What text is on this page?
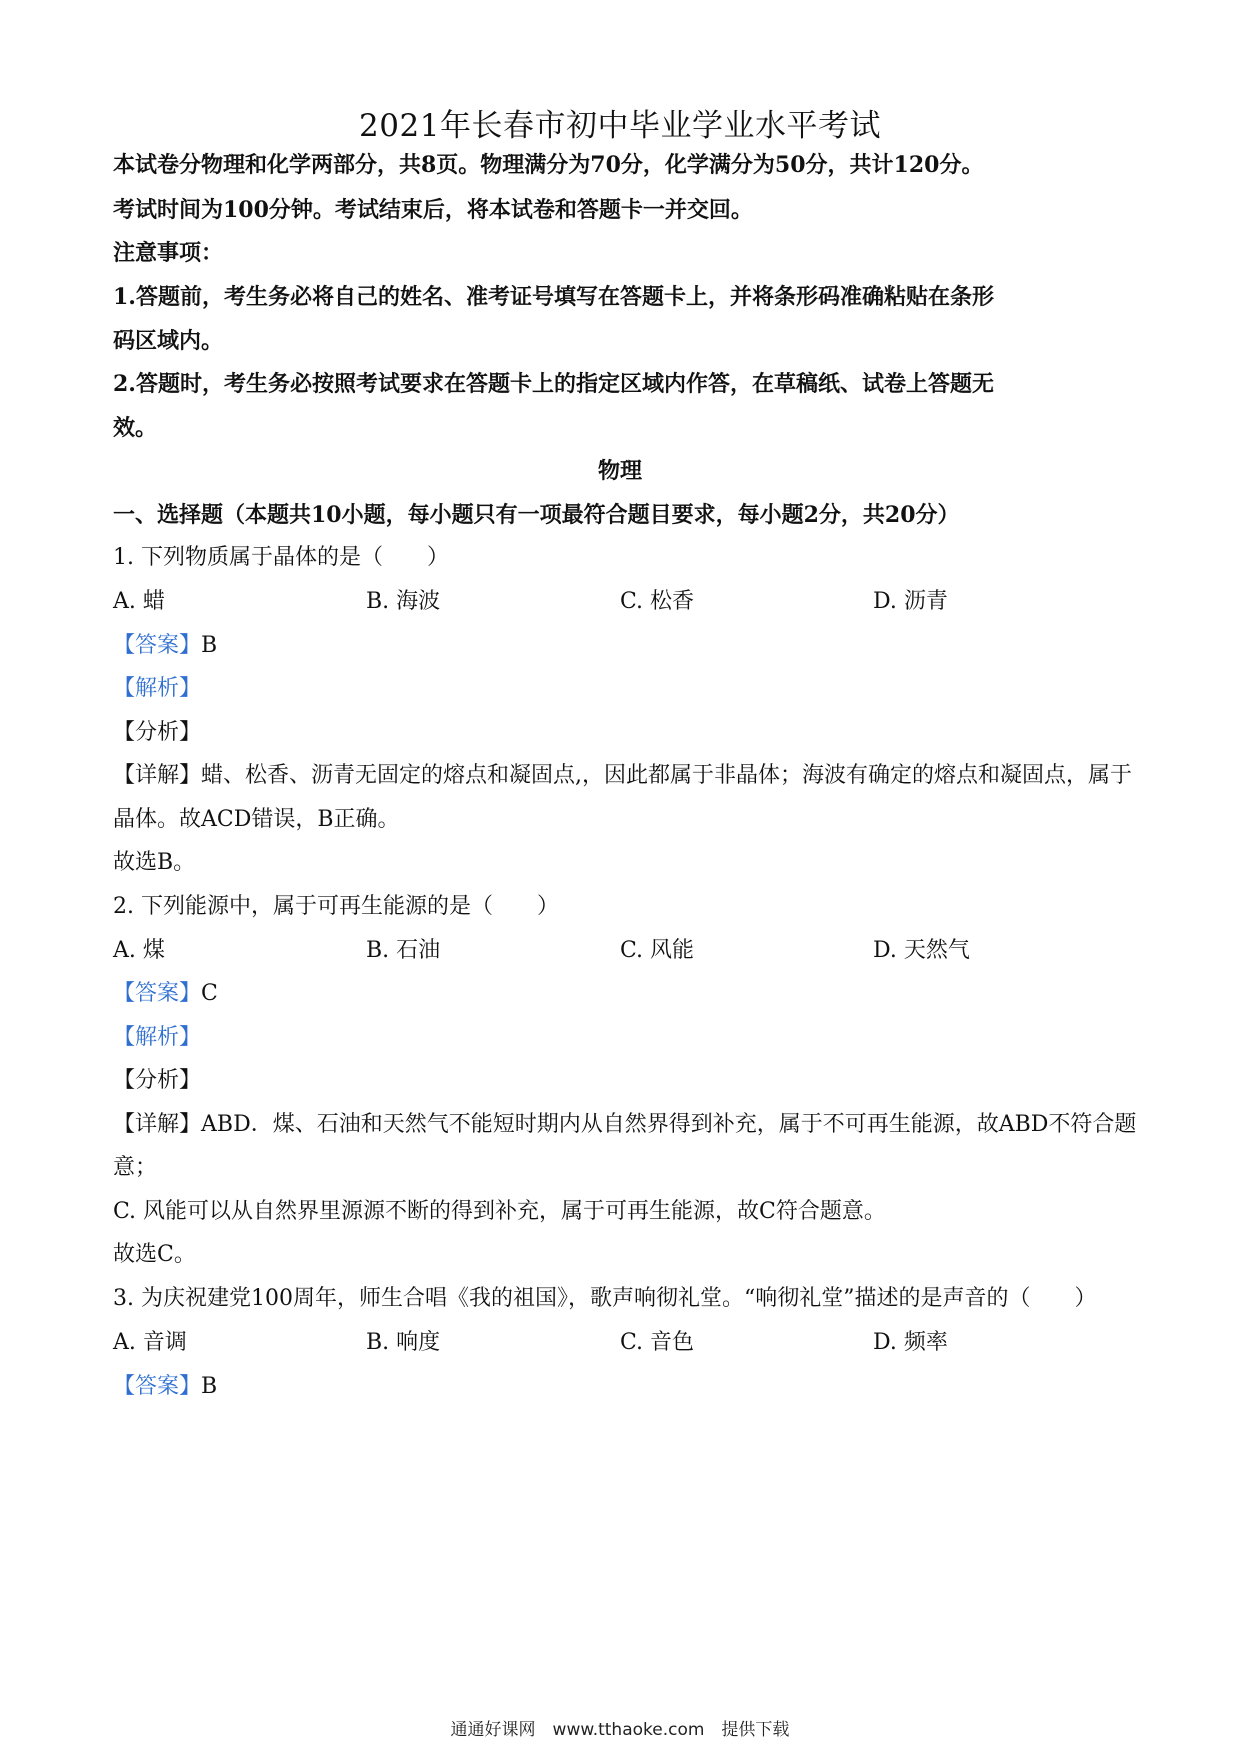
2021年长春市初中毕业学业水平考试
本试卷分物理和化学两部分，共8页。物理满分为70分，化学满分为50分，共计120分。
考试时间为100分钟。考试结束后，将本试卷和答题卡一并交回。
注意事项：
1.答题前，考生务必将自己的姓名、准考证号填写在答题卡上，并将条形码准确粘贴在条形
码区域内。
2.答题时，考生务必按照考试要求在答题卡上的指定区域内作答，在草稿纸、试卷上答题无
效。
物理
一、选择题（本题共10小题，每小题只有一项最符合题目要求，每小题2分，共20分）
1. 下列物质属于晶体的是（　　）
A. 蜡	B. 海波	C. 松香	D. 沥青
【答案】B
【解析】
【分析】
【详解】蜡、松香、沥青无固定的熔点和凝固点,，因此都属于非晶体；海波有确定的熔点和凝固点，属于
晶体。故ACD错误，B正确。
故选B。
2. 下列能源中，属于可再生能源的是（　　）
A. 煤	B. 石油	C. 风能	D. 天然气
【答案】C
【解析】
【分析】
【详解】ABD．煤、石油和天然气不能短时期内从自然界得到补充，属于不可再生能源，故ABD不符合题
意；
C. 风能可以从自然界里源源不断的得到补充，属于可再生能源，故C符合题意。
故选C。
3. 为庆祝建党100周年，师生合唱《我的祖国》，歌声响彻礼堂。“响彻礼堂”描述的是声音的（　　）
A. 音调	B. 响度	C. 音色	D. 频率
【答案】B
通通好课网　www.tthaoke.com　提供下载
